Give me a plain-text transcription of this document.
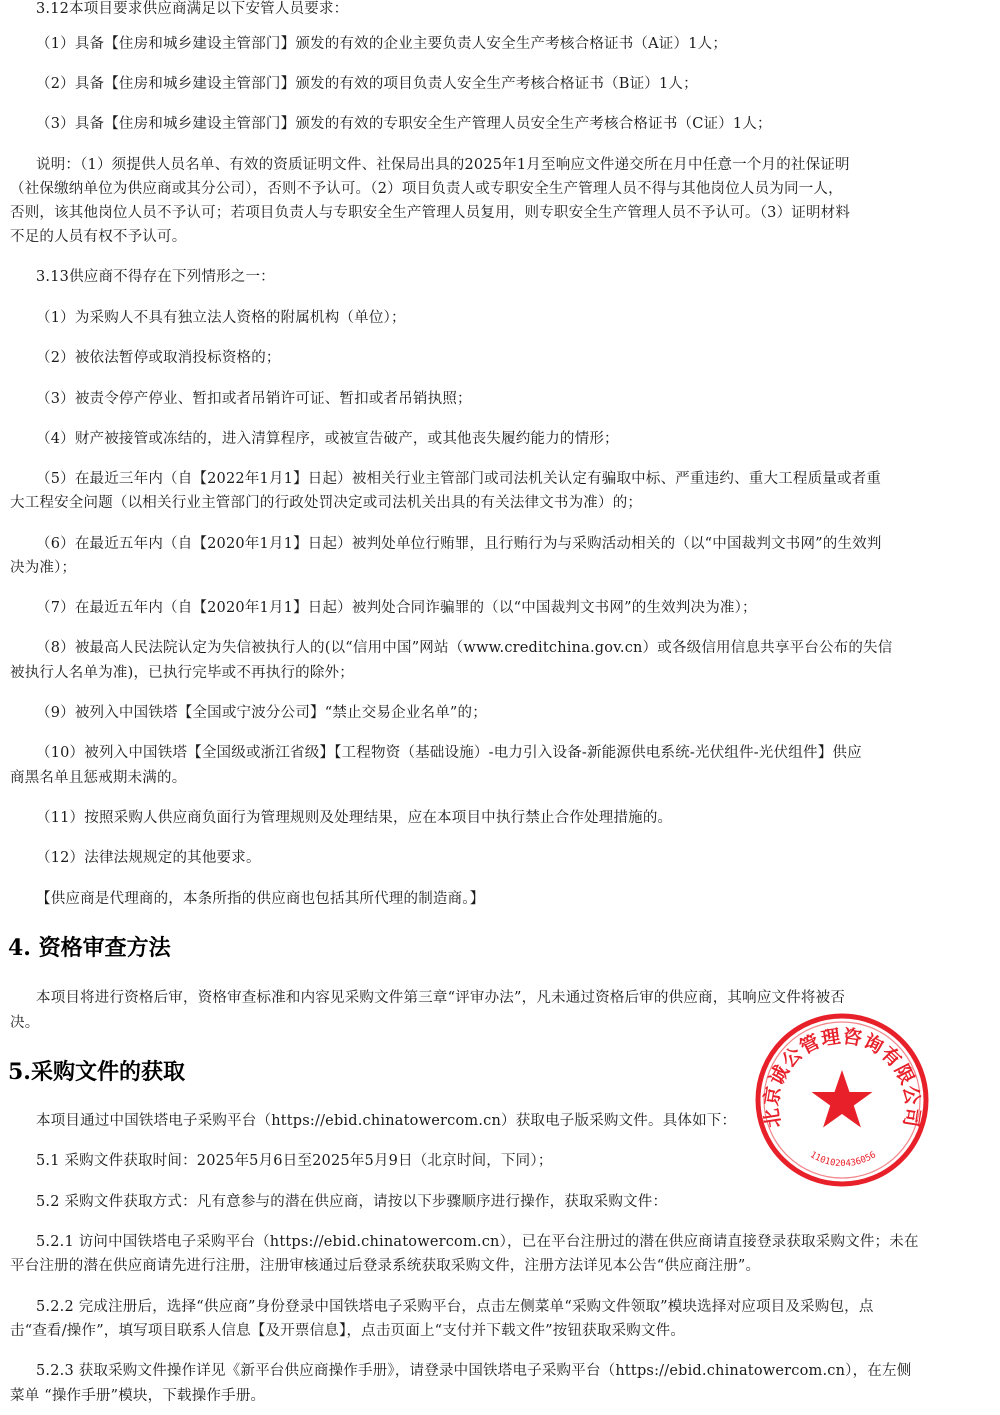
3.12本项目要求供应商满足以下安管人员要求：
（1）具备【住房和城乡建设主管部门】颁发的有效的企业主要负责人安全生产考核合格证书（A证）1人；
（2）具备【住房和城乡建设主管部门】颁发的有效的项目负责人安全生产考核合格证书（B证）1人；
（3）具备【住房和城乡建设主管部门】颁发的有效的专职安全生产管理人员安全生产考核合格证书（C证）1人；
说明：（1）须提供人员名单、有效的资质证明文件、社保局出具的2025年1月至响应文件递交所在月中任意一个月的社保证明
（社保缴纳单位为供应商或其分公司），否则不予认可。（2）项目负责人或专职安全生产管理人员不得与其他岗位人员为同一人，
否则，该其他岗位人员不予认可；若项目负责人与专职安全生产管理人员复用，则专职安全生产管理人员不予认可。（3）证明材料
不足的人员有权不予认可。
3.13供应商不得存在下列情形之一：
（1）为采购人不具有独立法人资格的附属机构（单位）；
（2）被依法暂停或取消投标资格的；
（3）被责令停产停业、暂扣或者吊销许可证、暂扣或者吊销执照；
（4）财产被接管或冻结的，进入清算程序，或被宣告破产，或其他丧失履约能力的情形；
（5）在最近三年内（自【2022年1月1】日起）被相关行业主管部门或司法机关认定有骗取中标、严重违约、重大工程质量或者重
大工程安全问题（以相关行业主管部门的行政处罚决定或司法机关出具的有关法律文书为准）的；
（6）在最近五年内（自【2020年1月1】日起）被判处单位行贿罪，且行贿行为与采购活动相关的（以“中国裁判文书网”的生效判
决为准）；
（7）在最近五年内（自【2020年1月1】日起）被判处合同诈骗罪的（以“中国裁判文书网”的生效判决为准）；
（8）被最高人民法院认定为失信被执行人的(以“信用中国”网站（www.creditchina.gov.cn）或各级信用信息共享平台公布的失信
被执行人名单为准)，已执行完毕或不再执行的除外；
（9）被列入中国铁塔【全国或宁波分公司】“禁止交易企业名单”的；
（10）被列入中国铁塔【全国级或浙江省级】【工程物资（基础设施）-电力引入设备-新能源供电系统-光伏组件-光伏组件】供应
商黑名单且惩戒期未满的。
（11）按照采购人供应商负面行为管理规则及处理结果，应在本项目中执行禁止合作处理措施的。
（12）法律法规规定的其他要求。
【供应商是代理商的，本条所指的供应商也包括其所代理的制造商。】
4. 资格审查方法
本项目将进行资格后审，资格审查标准和内容见采购文件第三章“评审办法”，凡未通过资格后审的供应商，其响应文件将被否
决。
5.采购文件的获取
本项目通过中国铁塔电子采购平台（https://ebid.chinatowercom.cn）获取电子版采购文件。具体如下：
5.1 采购文件获取时间：2025年5月6日至2025年5月9日（北京时间，下同）；
5.2 采购文件获取方式：凡有意参与的潜在供应商，请按以下步骤顺序进行操作，获取采购文件：
5.2.1 访问中国铁塔电子采购平台（https://ebid.chinatowercom.cn），已在平台注册过的潜在供应商请直接登录获取采购文件；未在
平台注册的潜在供应商请先进行注册，注册审核通过后登录系统获取采购文件，注册方法详见本公告“供应商注册”。
5.2.2 完成注册后，选择“供应商”身份登录中国铁塔电子采购平台，点击左侧菜单“采购文件领取”模块选择对应项目及采购包，点
击“查看/操作”，填写项目联系人信息【及开票信息】，点击页面上“支付并下载文件”按钮获取采购文件。
5.2.3 获取采购文件操作详见《新平台供应商操作手册》，请登录中国铁塔电子采购平台（https://ebid.chinatowercom.cn），在左侧
菜单 “操作手册”模块，下载操作手册。
北京诚公管理咨询有限公司
1101020436056
